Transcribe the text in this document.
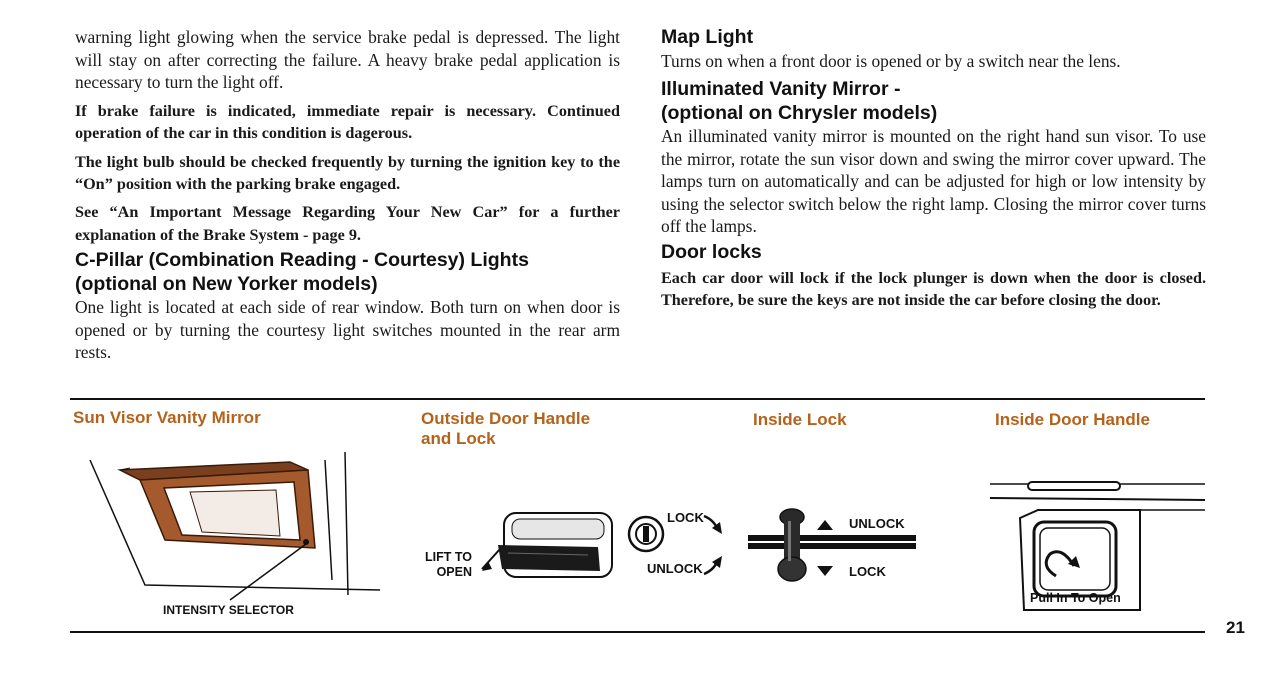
warning light glowing when the service brake pedal is depressed. The light will stay on after correcting the failure. A heavy brake pedal application is necessary to turn the light off.

If brake failure is indicated, immediate repair is necessary. Continued operation of the car in this condition is dagerous.

The light bulb should be checked frequently by turning the ignition key to the “On” position with the parking brake engaged.

See “An Important Message Regarding Your New Car” for a further explanation of the Brake System - page 9.

C-Pillar (Combination Reading - Courtesy) Lights
(optional on New Yorker models)

One light is located at each side of rear window. Both turn on when door is opened or by turning the courtesy light switches mounted in the rear arm rests.

Map Light

Turns on when a front door is opened or by a switch near the lens.

Illuminated Vanity Mirror -
(optional on Chrysler models)

An illuminated vanity mirror is mounted on the right hand sun visor. To use the mirror, rotate the sun visor down and swing the mirror cover upward. The lamps turn on automatically and can be adjusted for high or low intensity by using the selector switch below the right lamp. Closing the mirror cover turns off the lamps.

Door locks

Each car door will lock if the lock plunger is down when the door is closed. Therefore, be sure the keys are not inside the car before closing the door.

Sun Visor Vanity Mirror	Outside Door Handle
and Lock
Inside Lock	Inside Door Handle
INTENSITY SELECTOR
LIFT TO
OPEN
LOCK
UNLOCK
UNLOCK
LOCK
Pull In To Open
21
